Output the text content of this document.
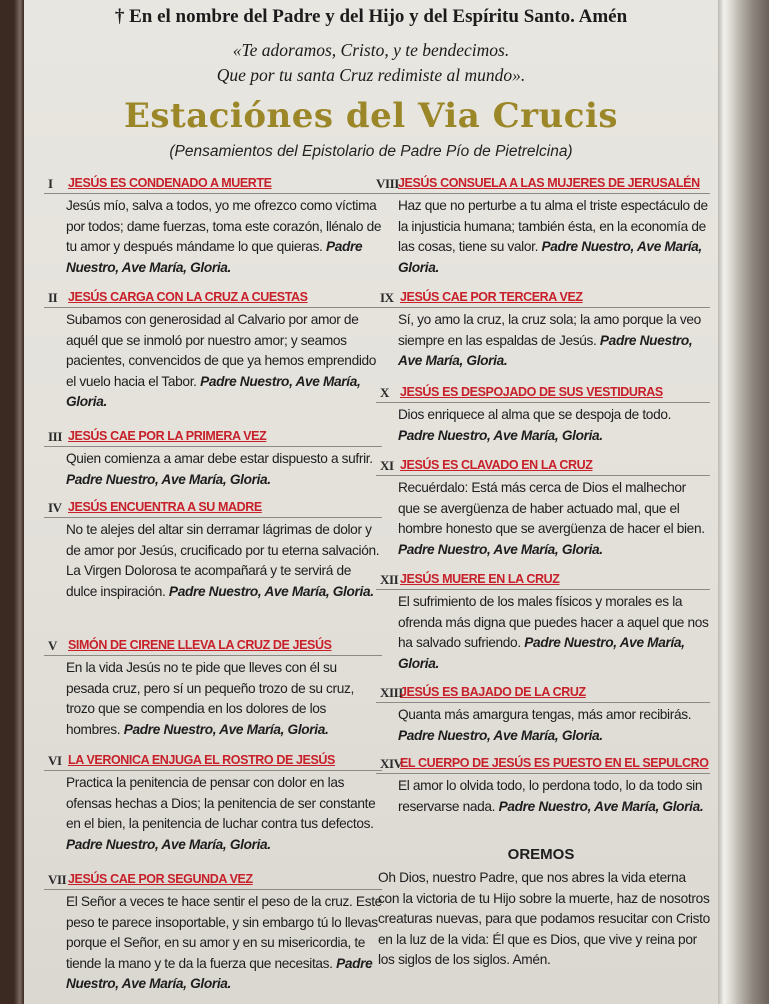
† En el nombre del Padre y del Hijo y del Espíritu Santo. Amén
«Te adoramos, Cristo, y te bendecimos.
Que por tu santa Cruz redimiste al mundo».
Estaciónes del Via Crucis
(Pensamientos del Epistolario de Padre Pío de Pietrelcina)
I JESÚS ES CONDENADO A MUERTE
Jesús mío, salva a todos, yo me ofrezco como víctima por todos; dame fuerzas, toma este corazón, llénalo de tu amor y después mándame lo que quieras. Padre Nuestro, Ave María, Gloria.
II JESÚS CARGA CON LA CRUZ A CUESTAS
Subamos con generosidad al Calvario por amor de aquél que se inmoló por nuestro amor; y seamos pacientes, convencidos de que ya hemos emprendido el vuelo hacia el Tabor. Padre Nuestro, Ave María, Gloria.
III JESÚS CAE POR LA PRIMERA VEZ
Quien comienza a amar debe estar dispuesto a sufrir. Padre Nuestro, Ave María, Gloria.
IV JESÚS ENCUENTRA A SU MADRE
No te alejes del altar sin derramar lágrimas de dolor y de amor por Jesús, crucificado por tu eterna salvación. La Virgen Dolorosa te acompañará y te servirá de dulce inspiración. Padre Nuestro, Ave María, Gloria.
V SIMÓN DE CIRENE LLEVA LA CRUZ DE JESÚS
En la vida Jesús no te pide que lleves con él su pesada cruz, pero sí un pequeño trozo de su cruz, trozo que se compendia en los dolores de los hombres. Padre Nuestro, Ave María, Gloria.
VI LA VERONICA ENJUGA EL ROSTRO DE JESÚS
Practica la penitencia de pensar con dolor en las ofensas hechas a Dios; la penitencia de ser constante en el bien, la penitencia de luchar contra tus defectos. Padre Nuestro, Ave María, Gloria.
VII JESÚS CAE POR SEGUNDA VEZ
El Señor a veces te hace sentir el peso de la cruz. Este peso te parece insoportable, y sin embargo tú lo llevas porque el Señor, en su amor y en su misericordia, te tiende la mano y te da la fuerza que necesitas. Padre Nuestro, Ave María, Gloria.
VIII JESÚS CONSUELA A LAS MUJERES DE JERUSALÉN
Haz que no perturbe a tu alma el triste espectáculo de la injusticia humana; también ésta, en la economía de las cosas, tiene su valor. Padre Nuestro, Ave María, Gloria.
IX JESÚS CAE POR TERCERA VEZ
Sí, yo amo la cruz, la cruz sola; la amo porque la veo siempre en las espaldas de Jesús. Padre Nuestro, Ave María, Gloria.
X JESÚS ES DESPOJADO DE SUS VESTIDURAS
Dios enriquece al alma que se despoja de todo. Padre Nuestro, Ave María, Gloria.
XI JESÚS ES CLAVADO EN LA CRUZ
Recuérdalo: Está más cerca de Dios el malhechor que se avergüenza de haber actuado mal, que el hombre honesto que se avergüenza de hacer el bien. Padre Nuestro, Ave María, Gloria.
XII JESÚS MUERE EN LA CRUZ
El sufrimiento de los males físicos y morales es la ofrenda más digna que puedes hacer a aquel que nos ha salvado sufriendo. Padre Nuestro, Ave María, Gloria.
XIII
JESÚS ES BAJADO DE LA CRUZ
Quanta más amargura tengas, más amor recibirás. Padre Nuestro, Ave María, Gloria.
XIV
EL CUERPO DE JESÚS ES PUESTO EN EL SEPULCRO
El amor lo olvida todo, lo perdona todo, lo da todo sin reservarse nada. Padre Nuestro, Ave María, Gloria.
OREMOS
Oh Dios, nuestro Padre, que nos abres la vida eterna con la victoria de tu Hijo sobre la muerte, haz de nosotros creaturas nuevas, para que podamos resucitar con Cristo en la luz de la vida: Él que es Dios, que vive y reina por los siglos de los siglos. Amén.
